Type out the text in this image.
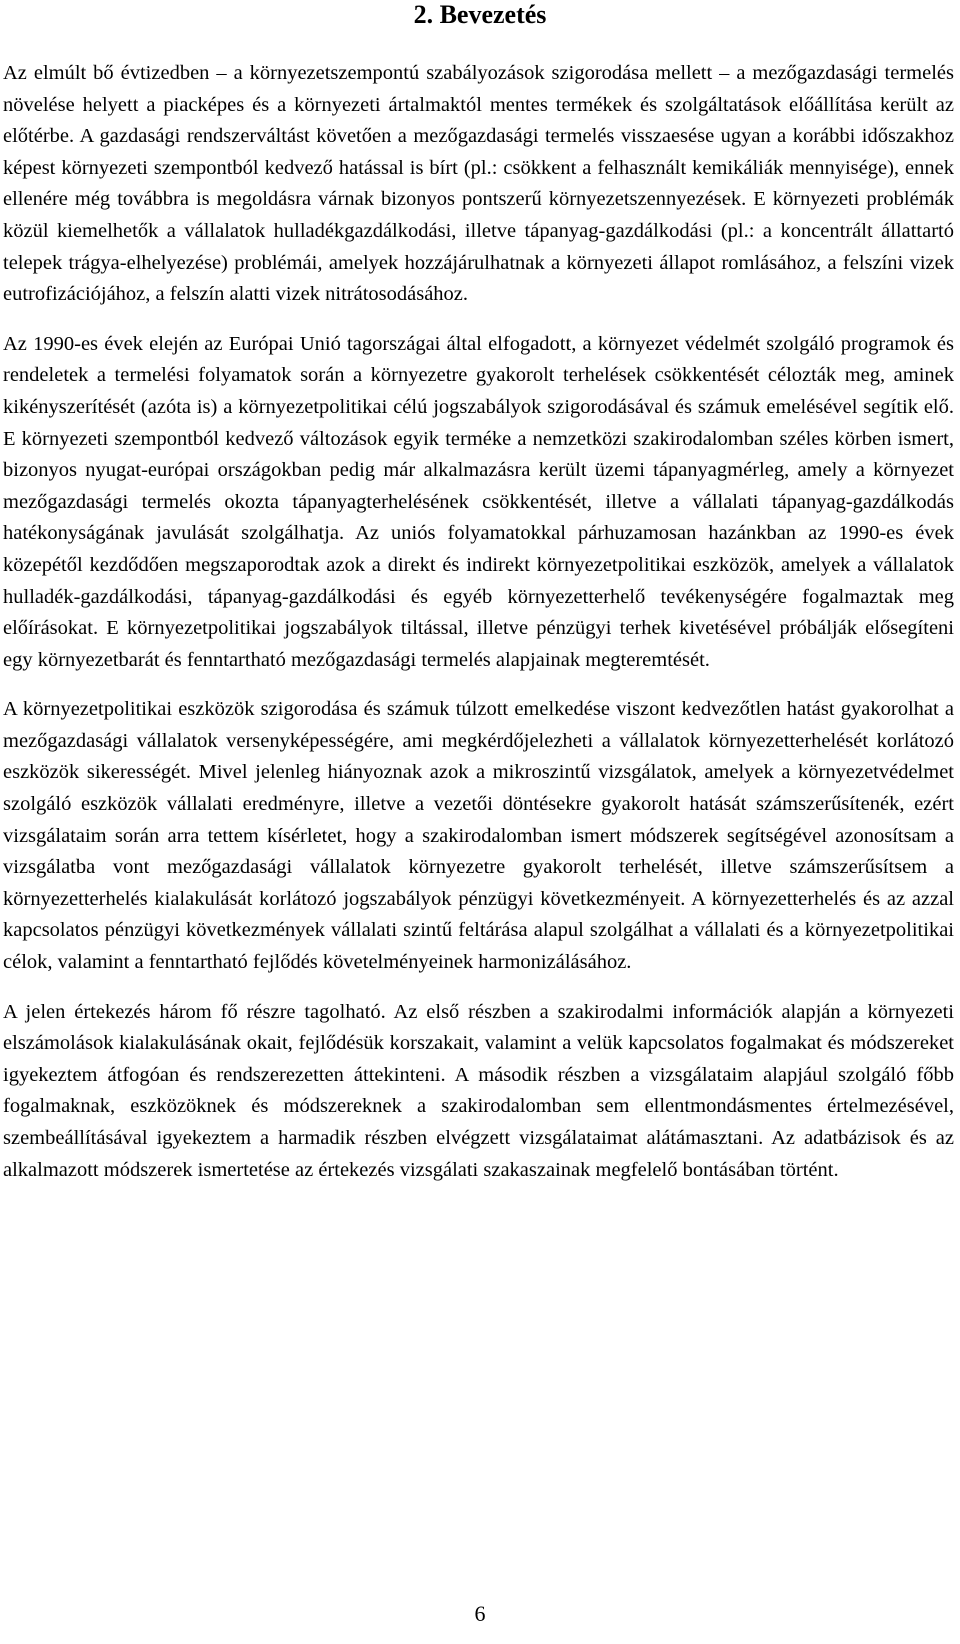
2. Bevezetés

Az elmúlt bő évtizedben – a környezetszempontú szabályozások szigorodása mellett – a mezőgazdasági termelés növelése helyett a piacképes és a környezeti ártalmaktól mentes termékek és szolgáltatások előállítása került az előtérbe. A gazdasági rendszerváltást követően a mezőgazdasági termelés visszaesése ugyan a korábbi időszakhoz képest környezeti szempontból kedvező hatással is bírt (pl.: csökkent a felhasznált kemikáliák mennyisége), ennek ellenére még továbbra is megoldásra várnak bizonyos pontszerű környezetszennyezések. E környezeti problémák közül kiemelhetők a vállalatok hulladékgazdálkodási, illetve tápanyag-gazdálkodási (pl.: a koncentrált állattartó telepek trágya-elhelyezése) problémái, amelyek hozzájárulhatnak a környezeti állapot romlásához, a felszíni vizek eutrofizációjához, a felszín alatti vizek nitrátosodásához.

Az 1990-es évek elején az Európai Unió tagországai által elfogadott, a környezet védelmét szolgáló programok és rendeletek a termelési folyamatok során a környezetre gyakorolt terhelések csökkentését célozták meg, aminek kikényszerítését (azóta is) a környezetpolitikai célú jogszabályok szigorodásával és számuk emelésével segítik elő. E környezeti szempontból kedvező változások egyik terméke a nemzetközi szakirodalomban széles körben ismert, bizonyos nyugat-európai országokban pedig már alkalmazásra került üzemi tápanyagmérleg, amely a környezet mezőgazdasági termelés okozta tápanyagterhelésének csökkentését, illetve a vállalati tápanyag-gazdálkodás hatékonyságának javulását szolgálhatja. Az uniós folyamatokkal párhuzamosan hazánkban az 1990-es évek közepétől kezdődően megszaporodtak azok a direkt és indirekt környezetpolitikai eszközök, amelyek a vállalatok hulladék-gazdálkodási, tápanyag-gazdálkodási és egyéb környezetterhelő tevékenységére fogalmaztak meg előírásokat. E környezetpolitikai jogszabályok tiltással, illetve pénzügyi terhek kivetésével próbálják elősegíteni egy környezetbarát és fenntartható mezőgazdasági termelés alapjainak megteremtését.

A környezetpolitikai eszközök szigorodása és számuk túlzott emelkedése viszont kedvezőtlen hatást gyakorolhat a mezőgazdasági vállalatok versenyképességére, ami megkérdőjelezheti a vállalatok környezetterhelését korlátozó eszközök sikerességét. Mivel jelenleg hiányoznak azok a mikroszintű vizsgálatok, amelyek a környezetvédelmet szolgáló eszközök vállalati eredményre, illetve a vezetői döntésekre gyakorolt hatását számszerűsítenék, ezért vizsgálataim során arra tettem kísérletet, hogy a szakirodalomban ismert módszerek segítségével azonosítsam a vizsgálatba vont mezőgazdasági vállalatok környezetre gyakorolt terhelését, illetve számszerűsítsem a környezetterhelés kialakulását korlátozó jogszabályok pénzügyi következményeit. A környezetterhelés és az azzal kapcsolatos pénzügyi következmények vállalati szintű feltárása alapul szolgálhat a vállalati és a környezetpolitikai célok, valamint a fenntartható fejlődés követelményeinek harmonizálásához.

A jelen értekezés három fő részre tagolható. Az első részben a szakirodalmi információk alapján a környezeti elszámolások kialakulásának okait, fejlődésük korszakait, valamint a velük kapcsolatos fogalmakat és módszereket igyekeztem átfogóan és rendszerezetten áttekinteni. A második részben a vizsgálataim alapjául szolgáló főbb fogalmaknak, eszközöknek és módszereknek a szakirodalomban sem ellentmondásmentes értelmezésével, szembeállításával igyekeztem a harmadik részben elvégzett vizsgálataimat alátámasztani. Az adatbázisok és az alkalmazott módszerek ismertetése az értekezés vizsgálati szakaszainak megfelelő bontásában történt.

6
